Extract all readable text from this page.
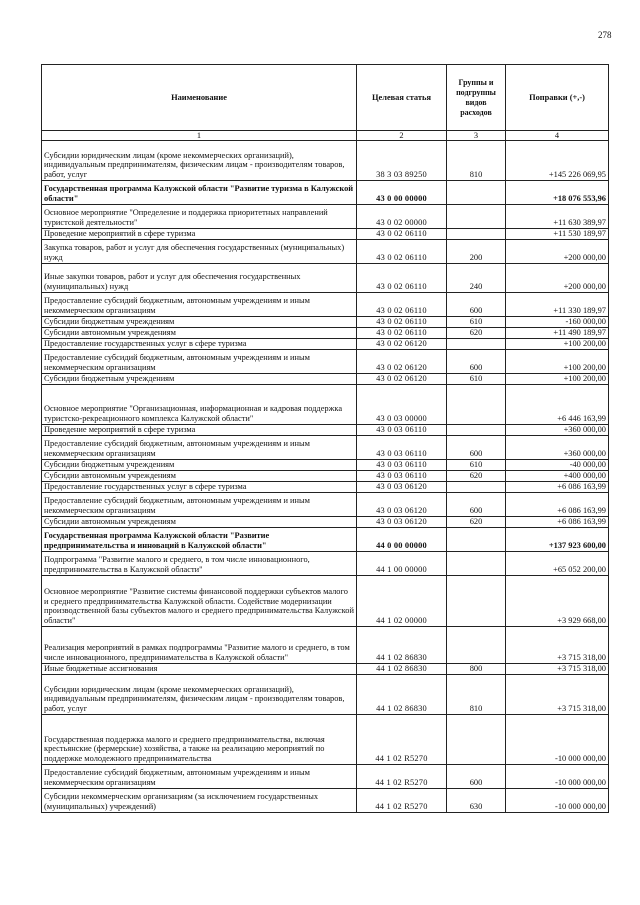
278
Наименование	Целевая статья	Группы и подгруппы видов расходов	Поправки (+,-)
1	2	3	4
Субсидии юридическим лицам (кроме некоммерческих организаций), индивидуальным предпринимателям, физическим лицам - производителям товаров, работ, услуг	38 3 03 89250	810	+145 226 069,95
Государственная программа Калужской области "Развитие туризма в Калужской области"	43 0 00 00000		+18 076 553,96
Основное мероприятие "Определение и поддержка приоритетных направлений туристской деятельности"	43 0 02 00000		+11 630 389,97
Проведение мероприятий в сфере туризма	43 0 02 06110		+11 530 189,97
Закупка товаров, работ и услуг для обеспечения государственных (муниципальных) нужд	43 0 02 06110	200	+200 000,00
Иные закупки товаров, работ и услуг для обеспечения государственных (муниципальных) нужд	43 0 02 06110	240	+200 000,00
Предоставление субсидий бюджетным, автономным учреждениям и иным некоммерческим организациям	43 0 02 06110	600	+11 330 189,97
Субсидии бюджетным учреждениям	43 0 02 06110	610	-160 000,00
Субсидии автономным учреждениям	43 0 02 06110	620	+11 490 189,97
Предоставление государственных услуг в сфере туризма	43 0 02 06120		+100 200,00
Предоставление субсидий бюджетным, автономным учреждениям и иным некоммерческим организациям	43 0 02 06120	600	+100 200,00
Субсидии бюджетным учреждениям	43 0 02 06120	610	+100 200,00
Основное мероприятие "Организационная, информационная и кадровая поддержка туристско-рекреационного комплекса Калужской области"	43 0 03 00000		+6 446 163,99
Проведение мероприятий в сфере туризма	43 0 03 06110		+360 000,00
Предоставление субсидий бюджетным, автономным учреждениям и иным некоммерческим организациям	43 0 03 06110	600	+360 000,00
Субсидии бюджетным учреждениям	43 0 03 06110	610	-40 000,00
Субсидии автономным учреждениям	43 0 03 06110	620	+400 000,00
Предоставление государственных услуг в сфере туризма	43 0 03 06120		+6 086 163,99
Предоставление субсидий бюджетным, автономным учреждениям и иным некоммерческим организациям	43 0 03 06120	600	+6 086 163,99
Субсидии автономным учреждениям	43 0 03 06120	620	+6 086 163,99
Государственная программа Калужской области "Развитие предпринимательства и инноваций в Калужской области"	44 0 00 00000		+137 923 600,00
Подпрограмма "Развитие малого и среднего, в том числе инновационного, предпринимательства в Калужской области"	44 1 00 00000		+65 052 200,00
Основное мероприятие "Развитие системы финансовой поддержки субъектов малого и среднего предпринимательства Калужской области. Содействие модернизации производственной базы субъектов малого и среднего предпринимательства Калужской области"	44 1 02 00000		+3 929 668,00
Реализация мероприятий в рамках подпрограммы "Развитие малого и среднего, в том числе инновационного, предпринимательства в Калужской области"	44 1 02 86830		+3 715 318,00
Иные бюджетные ассигнования	44 1 02 86830	800	+3 715 318,00
Субсидии юридическим лицам (кроме некоммерческих организаций), индивидуальным предпринимателям, физическим лицам - производителям товаров, работ, услуг	44 1 02 86830	810	+3 715 318,00
Государственная поддержка малого и среднего предпринимательства, включая крестьянские (фермерские) хозяйства, а также на реализацию мероприятий по поддержке молодежного предпринимательства	44 1 02 R5270		-10 000 000,00
Предоставление субсидий бюджетным, автономным учреждениям и иным некоммерческим организациям	44 1 02 R5270	600	-10 000 000,00
Субсидии некоммерческим организациям (за исключением государственных (муниципальных) учреждений)	44 1 02 R5270	630	-10 000 000,00
